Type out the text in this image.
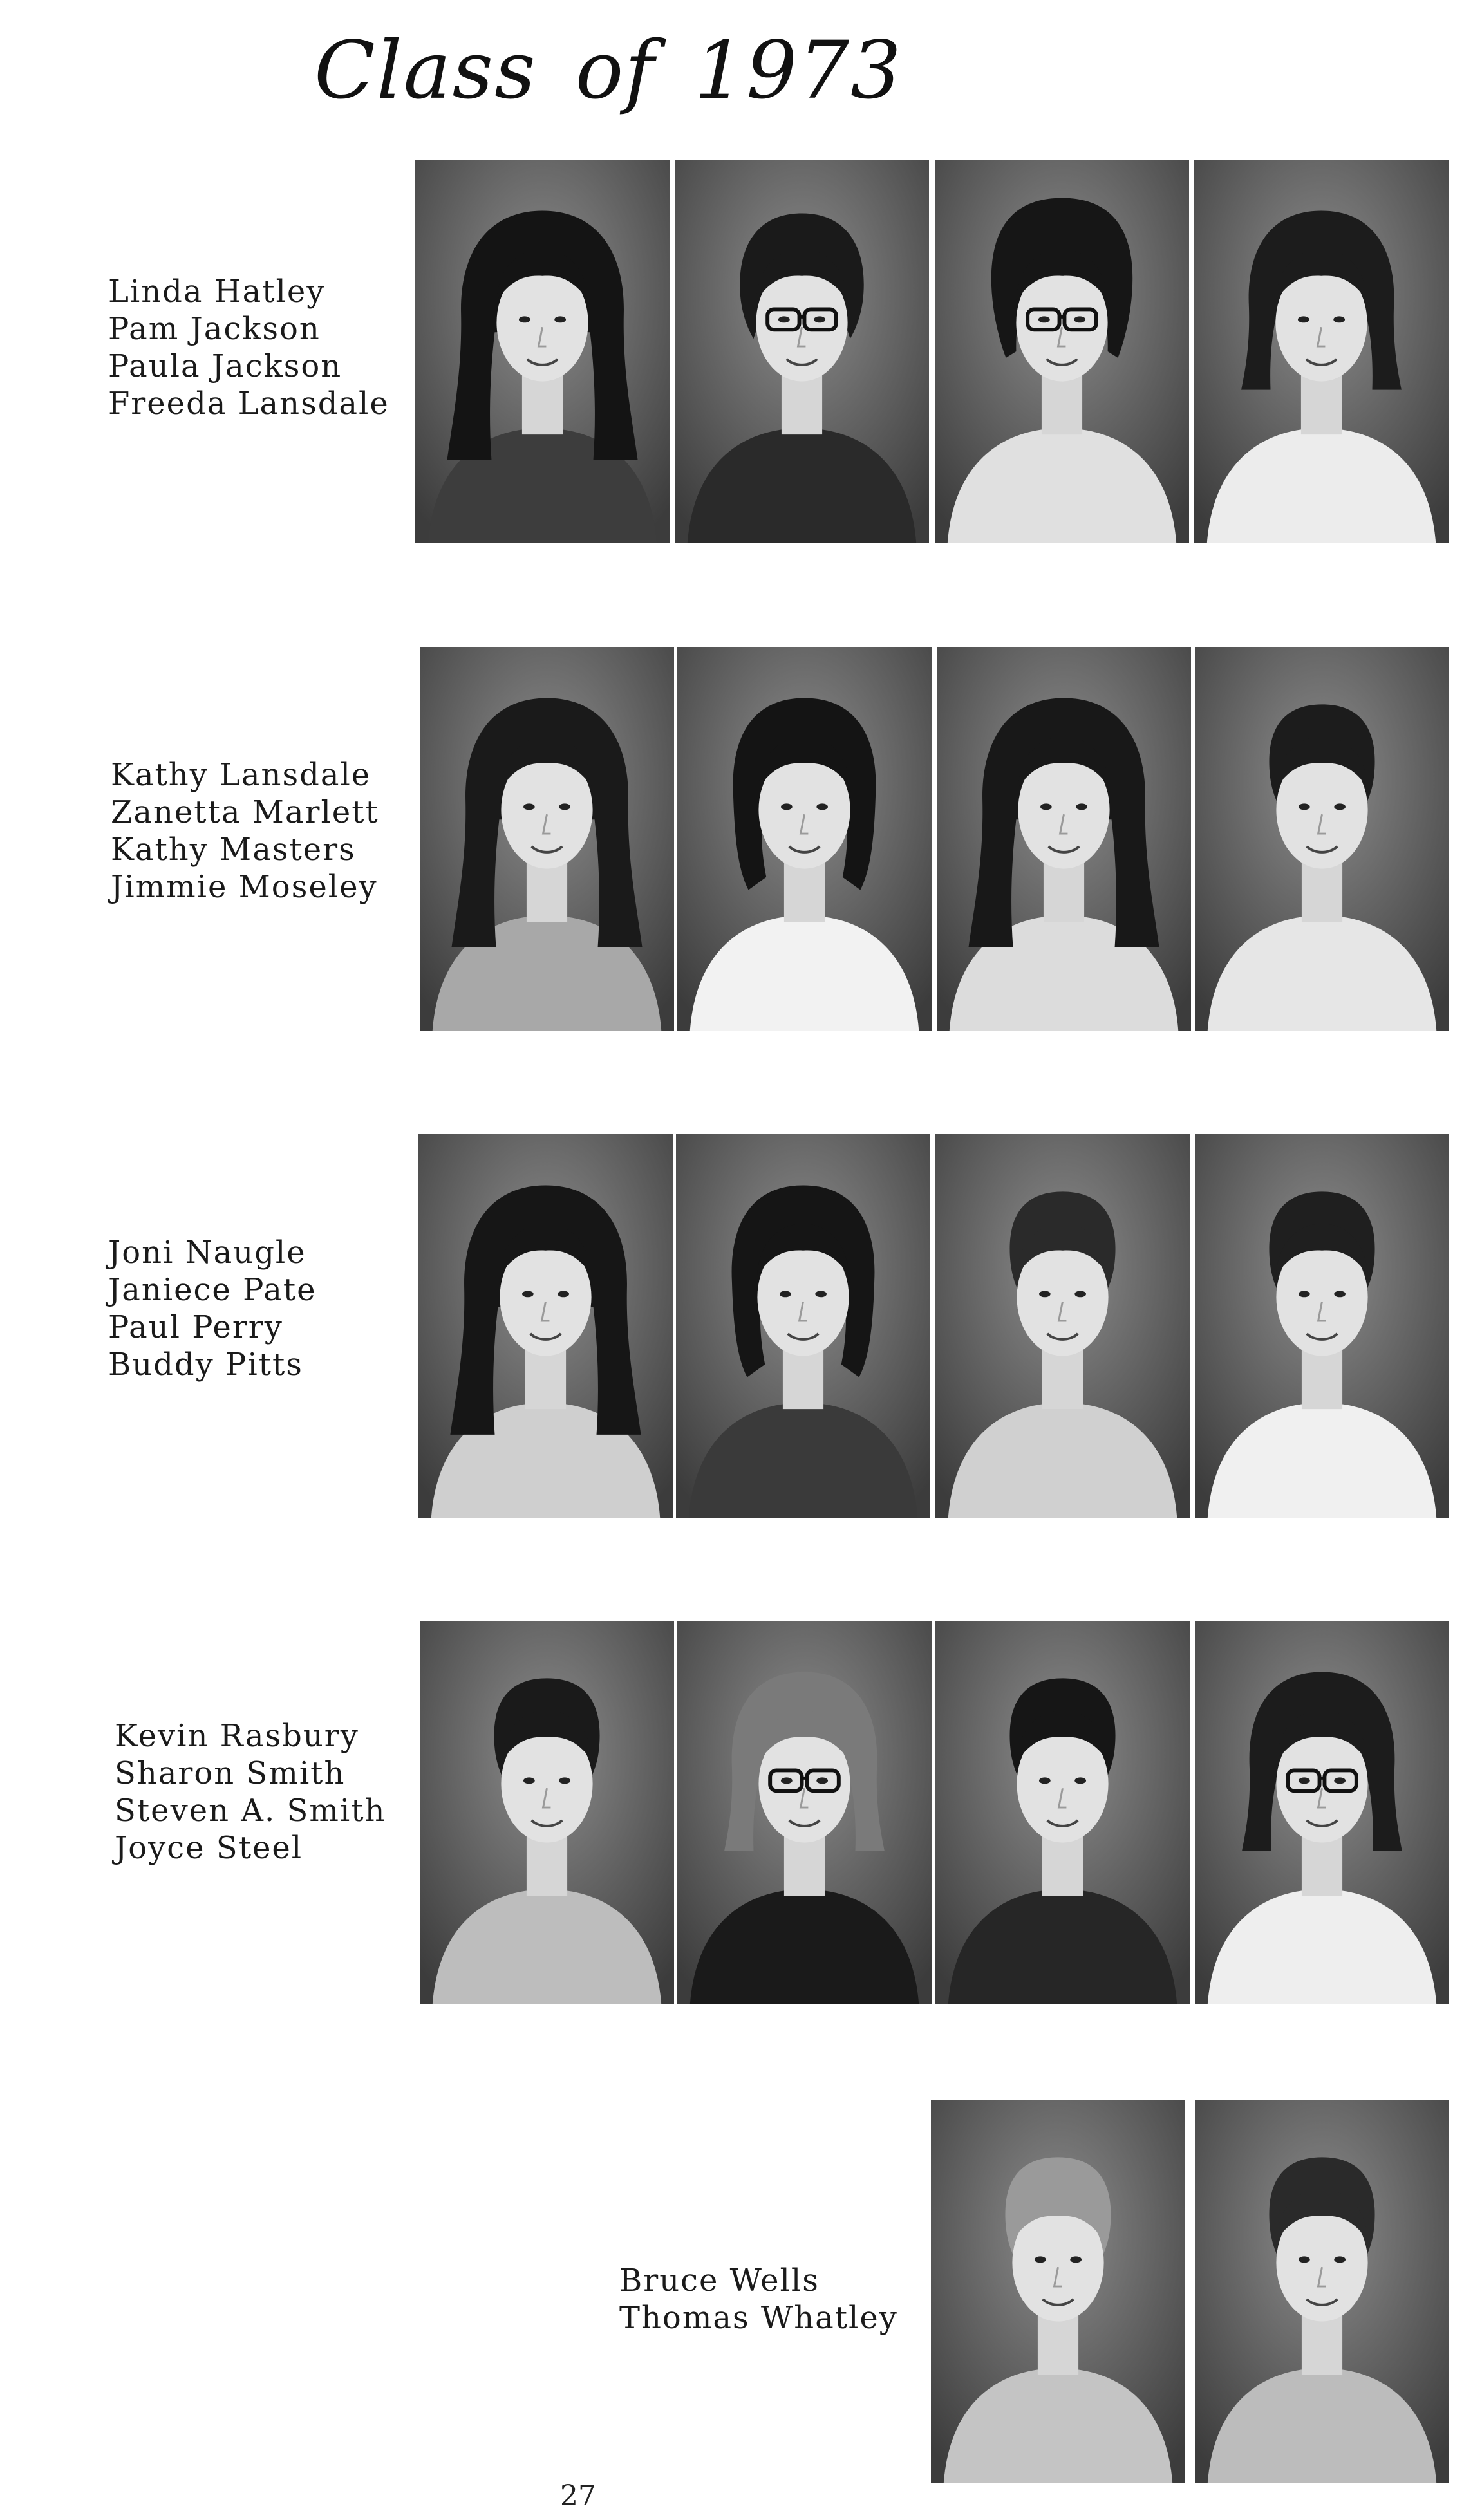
Class of 1973
Linda Hatley
Pam Jackson
Paula Jackson
Freeda Lansdale
Kathy Lansdale
Zanetta Marlett
Kathy Masters
Jimmie Moseley
Joni Naugle
Janiece Pate
Paul Perry
Buddy Pitts
Kevin Rasbury
Sharon Smith
Steven A. Smith
Joyce Steel
Bruce Wells
Thomas Whatley
27
